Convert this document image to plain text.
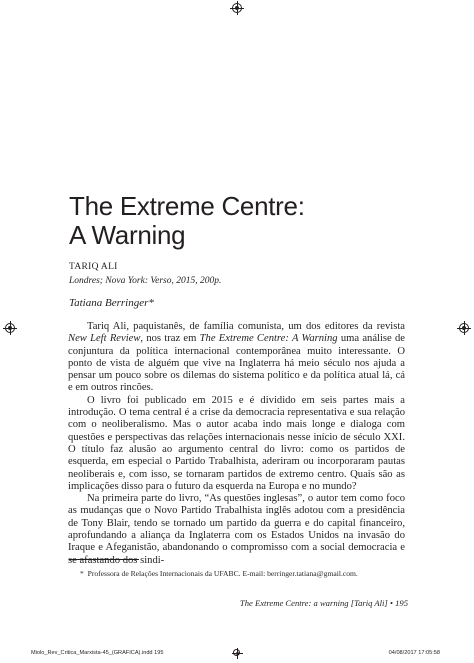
The Extreme Centre:
A Warning
TARIQ ALI
Londres; Nova York: Verso, 2015, 200p.
Tatiana Berringer*

Tariq Ali, paquistanês, de família comunista, um dos editores da revista New Left Review, nos traz em The Extreme Centre: A Warning uma análise de conjuntura da política internacional contemporânea muito interessante. O ponto de vista de alguém que vive na Inglaterra há meio século nos ajuda a pensar um pouco sobre os dilemas do sistema político e da política atual lá, cá e em outros rincões.

O livro foi publicado em 2015 e é dividido em seis partes mais a introdução. O tema central é a crise da democracia representativa e sua relação com o neoliberalismo. Mas o autor acaba indo mais longe e dialoga com questões e perspectivas das relações internacionais nesse início de século XXI. O título faz alusão ao argumento central do livro: como os partidos de esquerda, em especial o Partido Trabalhista, aderiram ou incorporaram pautas neoliberais e, com isso, se tornaram partidos de extremo centro. Quais são as implicações disso para o futuro da esquerda na Europa e no mundo?

Na primeira parte do livro, “As questões inglesas”, o autor tem como foco as mudanças que o Novo Partido Trabalhista inglês adotou com a presidência de Tony Blair, tendo se tornado um partido da guerra e do capital financeiro, aprofundando a aliança da Inglaterra com os Estados Unidos na invasão do Iraque e Afeganistão, abandonando o compromisso com a social democracia e se afastando dos sindi-

* Professora de Relações Internacionais da UFABC. E-mail: berringer.tatiana@gmail.com.
The Extreme Centre: a warning [Tariq Ali] • 195
Miolo_Rev_Critica_Marxista-45_(GRAFICA).indd 195	04/08/2017 17:05:58
